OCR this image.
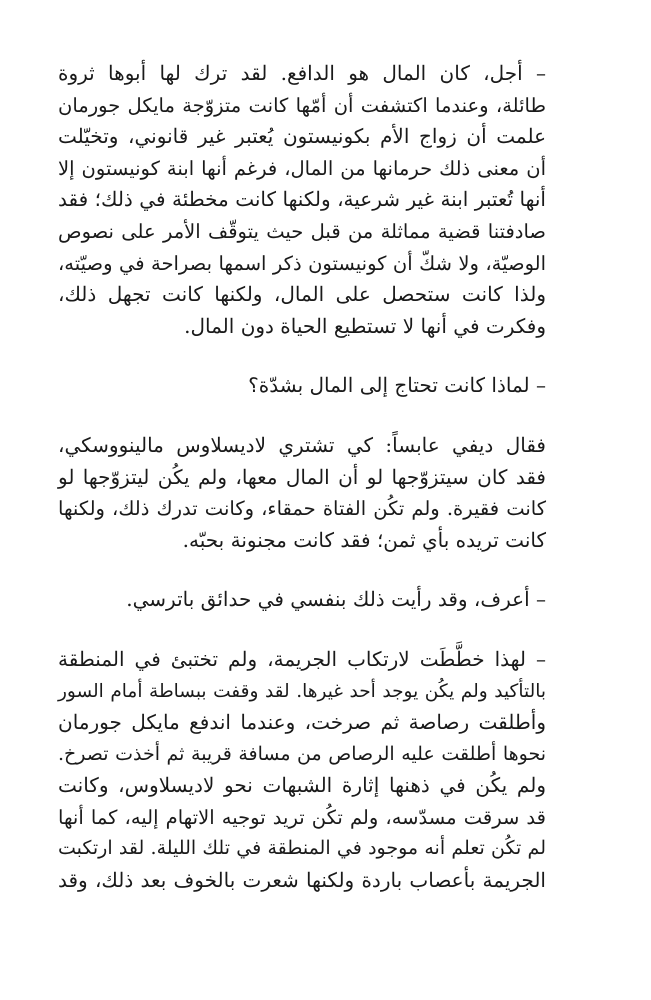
– أجل، كان المال هو الدافع. لقد ترك لها أبوها ثروة
طائلة، وعندما اكتشفت أن أمّها كانت متزوّجة مايكل جورمان
علمت أن زواج الأم بكونيستون يُعتبر غير قانوني، وتخيّلت
أن معنى ذلك حرمانها من المال، فرغم أنها ابنة كونيستون إلا
أنها تُعتبر ابنة غير شرعية، ولكنها كانت مخطئة في ذلك؛ فقد
صادفتنا قضية مماثلة من قبل حيث يتوقّف الأمر على نصوص
الوصيّة، ولا شكّ أن كونيستون ذكر اسمها بصراحة في وصيّته،
ولذا كانت ستحصل على المال، ولكنها كانت تجهل ذلك،
وفكرت في أنها لا تستطيع الحياة دون المال.
– لماذا كانت تحتاج إلى المال بشدّة؟
فقال ديفي عابساً: كي تشتري لاديسلاوس مالينووسكي،
فقد كان سيتزوّجها لو أن المال معها، ولم يكُن ليتزوّجها لو
كانت فقيرة. ولم تكُن الفتاة حمقاء، وكانت تدرك ذلك، ولكنها
كانت تريده بأي ثمن؛ فقد كانت مجنونة بحبّه.
– أعرف، وقد رأيت ذلك بنفسي في حدائق باترسي.
– لهذا خطَّطَت لارتكاب الجريمة، ولم تختبئ في المنطقة
بالتأكيد ولم يكُن يوجد أحد غيرها. لقد وقفت ببساطة أمام السور
وأطلقت رصاصة ثم صرخت، وعندما اندفع مايكل جورمان
نحوها أطلقت عليه الرصاص من مسافة قريبة ثم أخذت تصرخ.
ولم يكُن في ذهنها إثارة الشبهات نحو لاديسلاوس، وكانت
قد سرقت مسدّسه، ولم تكُن تريد توجيه الاتهام إليه، كما أنها
لم تكُن تعلم أنه موجود في المنطقة في تلك الليلة. لقد ارتكبت
الجريمة بأعصاب باردة ولكنها شعرت بالخوف بعد ذلك، وقد
